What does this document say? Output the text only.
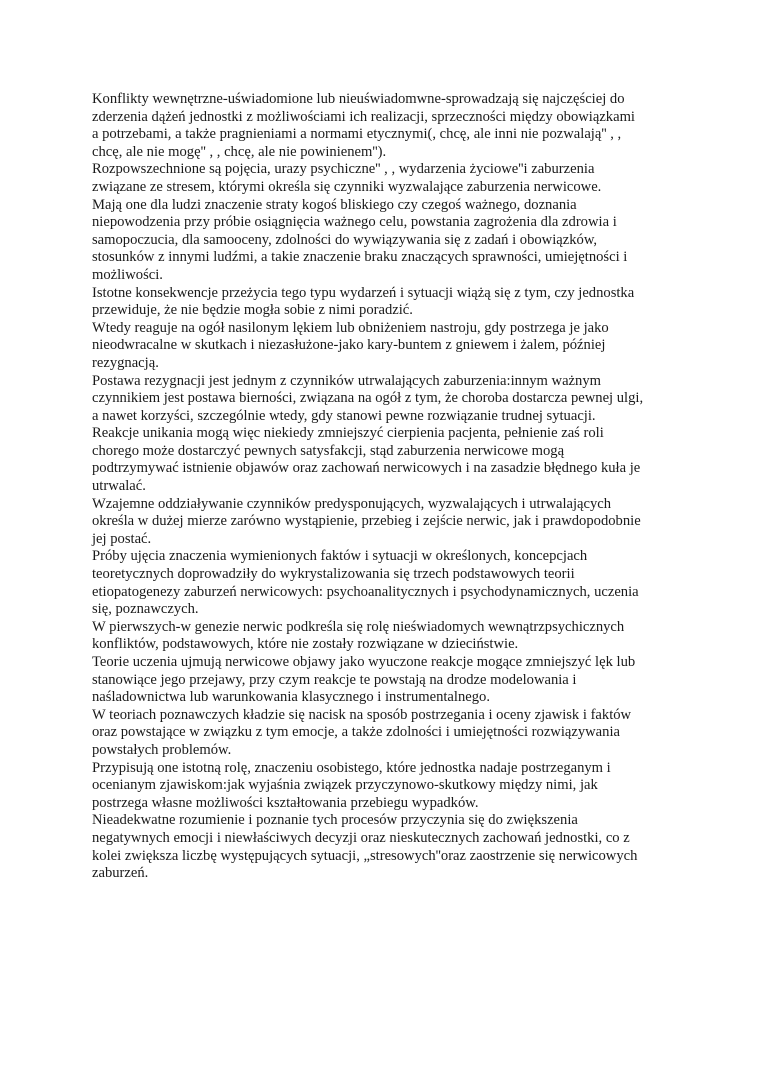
Konflikty wewnętrzne-uświadomione lub nieuświadomwne-sprowadzają się najczęściej do
zderzenia dążeń jednostki z możliwościami ich realizacji, sprzeczności między obowiązkami
a potrzebami, a także pragnieniami a normami etycznymi(, chcę, ale inni nie pozwalają'' , ,
chcę, ale nie mogę'' , , chcę, ale nie powinienem'').
Rozpowszechnione są pojęcia, urazy psychiczne'' , , wydarzenia życiowe''i zaburzenia
związane ze stresem, którymi określa się czynniki wyzwalające zaburzenia nerwicowe.
Mają one dla ludzi znaczenie straty kogoś bliskiego czy czegoś ważnego, doznania
niepowodzenia przy próbie osiągnięcia ważnego celu, powstania zagrożenia dla zdrowia i
samopoczucia, dla samooceny, zdolności do wywiązywania się z zadań i obowiązków,
stosunków z innymi ludźmi, a takie znaczenie braku znaczących sprawności, umiejętności i
możliwości.
Istotne konsekwencje przeżycia tego typu wydarzeń i sytuacji wiążą się z tym, czy jednostka
przewiduje, że nie będzie mogła sobie z nimi poradzić.
Wtedy reaguje na ogół nasilonym lękiem lub obniżeniem nastroju, gdy postrzega je jako
nieodwracalne w skutkach i niezasłużone-jako kary-buntem z gniewem i żalem, później
rezygnacją.
Postawa rezygnacji jest jednym z czynników utrwalających zaburzenia:innym ważnym
czynnikiem jest postawa bierności, związana na ogół z tym, że choroba dostarcza pewnej ulgi,
a nawet korzyści, szczególnie wtedy, gdy stanowi pewne rozwiązanie trudnej sytuacji.
Reakcje unikania mogą więc niekiedy zmniejszyć cierpienia pacjenta, pełnienie zaś roli
chorego może dostarczyć pewnych satysfakcji, stąd zaburzenia nerwicowe mogą
podtrzymywać istnienie objawów oraz zachowań nerwicowych i na zasadzie błędnego kuła je
utrwalać.
Wzajemne oddziaływanie czynników predysponujących, wyzwalających i utrwalających
określa w dużej mierze zarówno wystąpienie, przebieg i zejście nerwic, jak i prawdopodobnie
jej postać.
Próby ujęcia znaczenia wymienionych faktów i sytuacji w określonych, koncepcjach
teoretycznych doprowadziły do wykrystalizowania się trzech podstawowych teorii
etiopatogenezy zaburzeń nerwicowych: psychoanalitycznych i psychodynamicznych, uczenia
się, poznawczych.
W pierwszych-w genezie nerwic podkreśla się rolę nieświadomych wewnątrzpsychicznych
konfliktów, podstawowych, które nie zostały rozwiązane w dzieciństwie.
Teorie uczenia ujmują nerwicowe objawy jako wyuczone reakcje mogące zmniejszyć lęk lub
stanowiące jego przejawy, przy czym reakcje te powstają na drodze modelowania i
naśladownictwa lub warunkowania klasycznego i instrumentalnego.
W teoriach poznawczych kładzie się nacisk na sposób postrzegania i oceny zjawisk i faktów
oraz powstające w związku z tym emocje, a także zdolności i umiejętności rozwiązywania
powstałych problemów.
Przypisują one istotną rolę, znaczeniu osobistego, które jednostka nadaje postrzeganym i
ocenianym zjawiskom:jak wyjaśnia związek przyczynowo-skutkowy między nimi, jak
postrzega własne możliwości kształtowania przebiegu wypadków.
Nieadekwatne rozumienie i poznanie tych procesów przyczynia się do zwiększenia
negatywnych emocji i niewłaściwych decyzji oraz nieskutecznych zachowań jednostki, co z
kolei zwiększa liczbę występujących sytuacji, „stresowych''oraz zaostrzenie się nerwicowych
zaburzeń.
